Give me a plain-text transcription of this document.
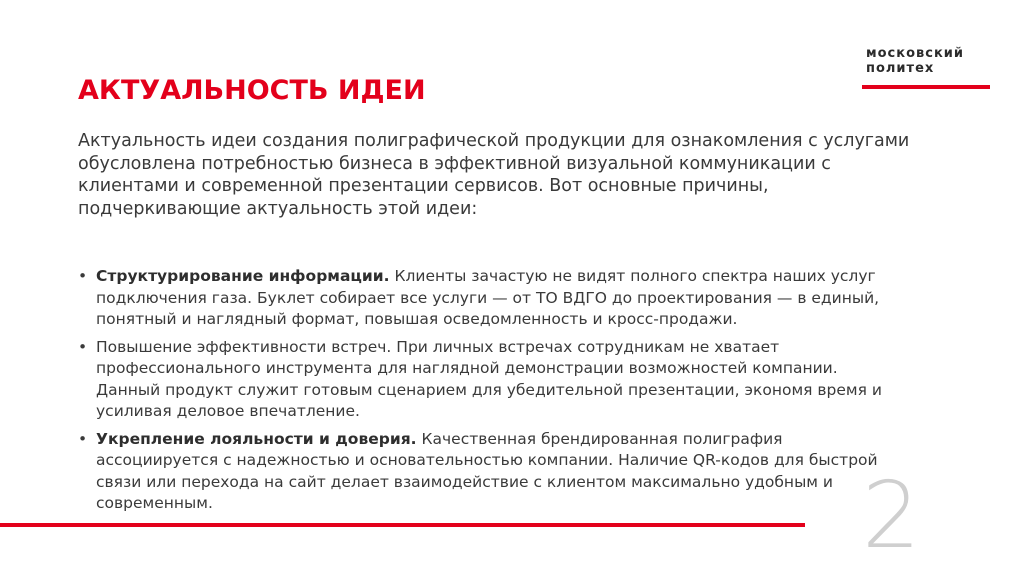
московский
политех
АКТУАЛЬНОСТЬ ИДЕИ

Актуальность идеи создания полиграфической продукции для ознакомления с услугами обусловлена потребностью бизнеса в эффективной визуальной коммуникации с клиентами и современной презентации сервисов. Вот основные причины, подчеркивающие актуальность этой идеи:

• Структурирование информации. Клиенты зачастую не видят полного спектра наших услуг подключения газа. Буклет собирает все услуги — от ТО ВДГО до проектирования — в единый, понятный и наглядный формат, повышая осведомленность и кросс-продажи.
• Повышение эффективности встреч. При личных встречах сотрудникам не хватает профессионального инструмента для наглядной демонстрации возможностей компании. Данный продукт служит готовым сценарием для убедительной презентации, экономя время и усиливая деловое впечатление.
• Укрепление лояльности и доверия. Качественная брендированная полиграфия ассоциируется с надежностью и основательностью компании. Наличие QR-кодов для быстрой связи или перехода на сайт делает взаимодействие с клиентом максимально удобным и современным.	2
